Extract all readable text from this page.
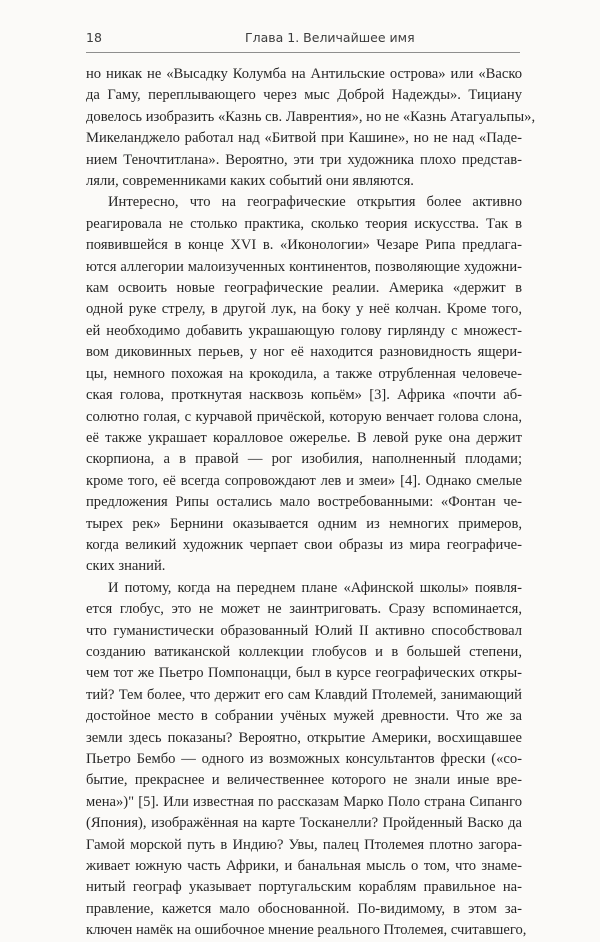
18	Глава 1. Величайшее имя

но никак не «Высадку Колумба на Антильские острова» или «Васко
да Гаму, переплывающего через мыс Доброй Надежды». Тициану
довелось изобразить «Казнь св. Лаврентия», но не «Казнь Атагуальпы»,
Микеланджело работал над «Битвой при Кашине», но не над «Паде-
нием Теночтитлана». Вероятно, эти три художника плохо представ-
ляли, современниками каких событий они являются.

Интересно, что на географические открытия более активно
реагировала не столько практика, сколько теория искусства. Так в
появившейся в конце XVI в. «Иконологии» Чезаре Рипа предлага-
ются аллегории малоизученных континентов, позволяющие художни-
кам освоить новые географические реалии. Америка «держит в
одной руке стрелу, в другой лук, на боку у неё колчан. Кроме того,
ей необходимо добавить украшающую голову гирлянду с множест-
вом диковинных перьев, у ног её находится разновидность ящери-
цы, немного похожая на крокодила, а также отрубленная человече-
ская голова, проткнутая насквозь копьём» [3]. Африка «почти аб-
солютно голая, с курчавой причёской, которую венчает голова слона,
её также украшает коралловое ожерелье. В левой руке она держит
скорпиона, а в правой — рог изобилия, наполненный плодами;
кроме того, её всегда сопровождают лев и змеи» [4]. Однако смелые
предложения Рипы остались мало востребованными: «Фонтан че-
тырех рек» Бернини оказывается одним из немногих примеров,
когда великий художник черпает свои образы из мира географиче-
ских знаний.

И потому, когда на переднем плане «Афинской школы» появля-
ется глобус, это не может не заинтриговать. Сразу вспоминается,
что гуманистически образованный Юлий II активно способствовал
созданию ватиканской коллекции глобусов и в большей степени,
чем тот же Пьетро Помпонацци, был в курсе географических откры-
тий? Тем более, что держит его сам Клавдий Птолемей, занимающий
достойное место в собрании учёных мужей древности. Что же за
земли здесь показаны? Вероятно, открытие Америки, восхищавшее
Пьетро Бембо — одного из возможных консультантов фрески («со-
бытие, прекраснее и величественнее которого не знали иные вре-
мена»)" [5]. Или известная по рассказам Марко Поло страна Сипанго
(Япония), изображённая на карте Тосканелли? Пройденный Васко да
Гамой морской путь в Индию? Увы, палец Птолемея плотно загора-
живает южную часть Африки, и банальная мысль о том, что знаме-
нитый географ указывает португальским кораблям правильное на-
правление, кажется мало обоснованной. По-видимому, в этом за-
ключен намёк на ошибочное мнение реального Птолемея, считавшего,
